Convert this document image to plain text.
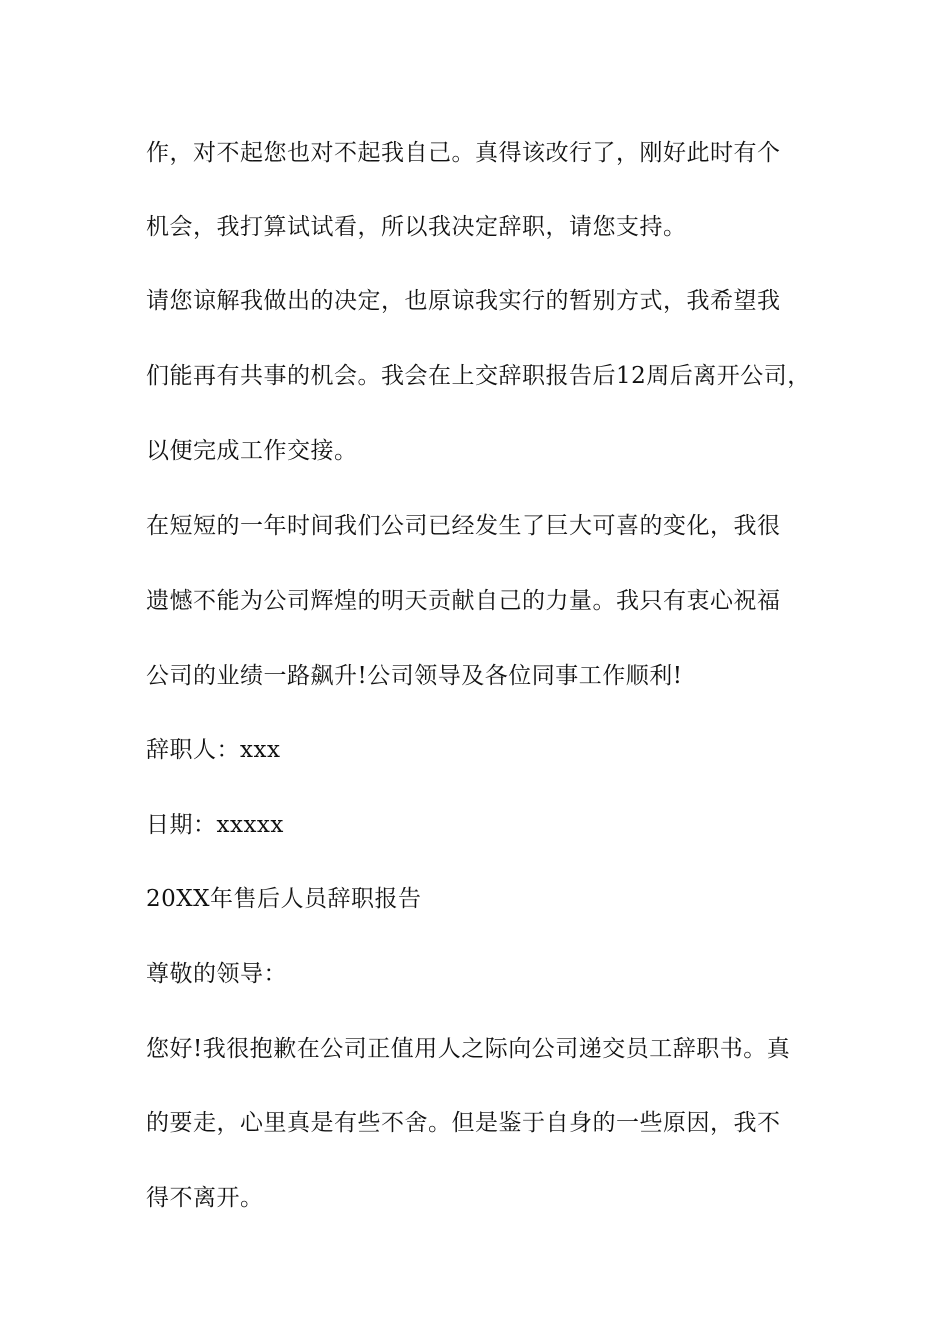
作，对不起您也对不起我自己。真得该改行了，刚好此时有个
机会，我打算试试看，所以我决定辞职，请您支持。
请您谅解我做出的决定，也原谅我实行的暂别方式，我希望我
们能再有共事的机会。我会在上交辞职报告后12周后离开公司，
以便完成工作交接。
在短短的一年时间我们公司已经发生了巨大可喜的变化，我很
遗憾不能为公司辉煌的明天贡献自己的力量。我只有衷心祝福
公司的业绩一路飙升!公司领导及各位同事工作顺利!
辞职人：xxx
日期：xxxxx
20XX年售后人员辞职报告
尊敬的领导：
您好!我很抱歉在公司正值用人之际向公司递交员工辞职书。真
的要走，心里真是有些不舍。但是鉴于自身的一些原因，我不
得不离开。
